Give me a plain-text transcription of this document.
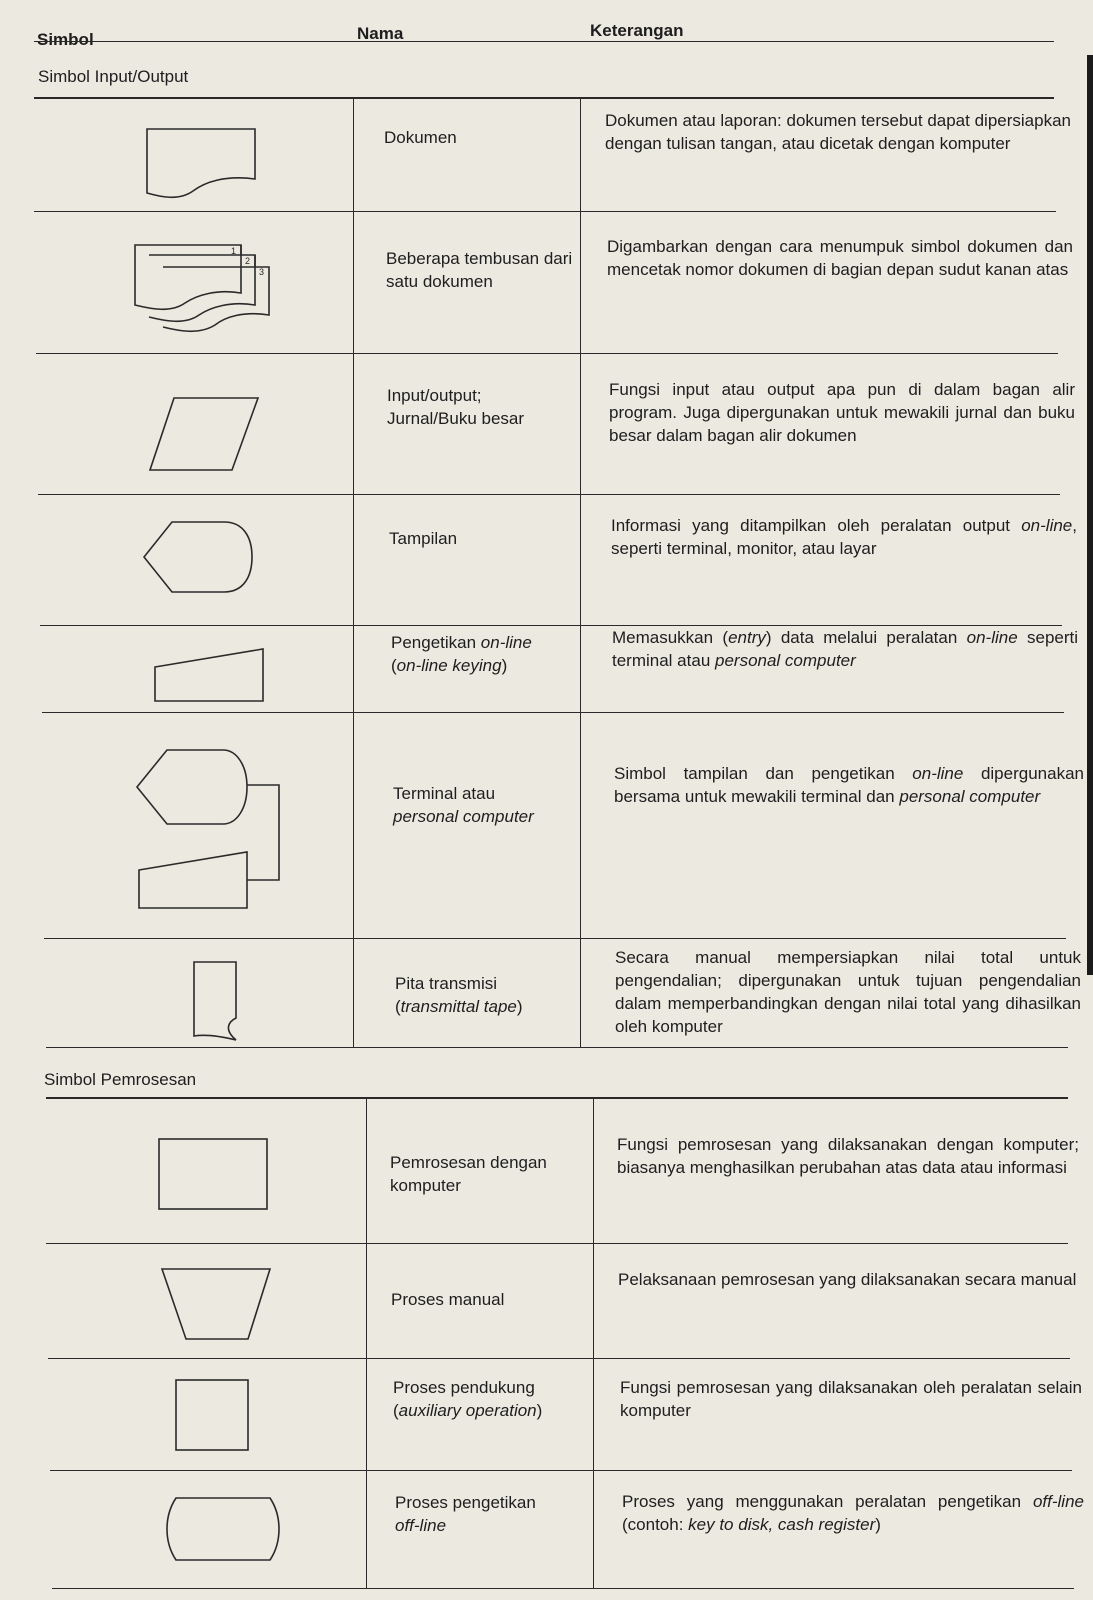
Simbol	Nama	Keterangan
Simbol Input/Output
Simbol Pemrosesan
Dokumen
Dokumen atau laporan: dokumen tersebut dapat dipersiapkan dengan tulisan tangan, atau dicetak dengan komputer
1
2
3
Beberapa tembusan dari satu dokumen
Digambarkan dengan cara menumpuk simbol dokumen dan mencetak nomor dokumen di bagian depan sudut kanan atas
Input/output;
Jurnal/Buku besar
Fungsi input atau output apa pun di dalam bagan alir program. Juga dipergunakan untuk mewakili jurnal dan buku besar dalam bagan alir dokumen
Tampilan
Informasi yang ditampilkan oleh peralatan output on-line, seperti terminal, monitor, atau layar
Pengetikan on-line
(on-line keying)
Memasukkan (entry) data melalui peralatan on-line seperti terminal atau personal computer
Terminal atau
personal computer
Simbol tampilan dan pengetikan on-line dipergunakan bersama untuk mewakili terminal dan personal computer
Pita transmisi
(transmittal tape)
Secara manual mempersiapkan nilai total untuk pengendalian; dipergunakan untuk tujuan pengendalian dalam memperbandingkan dengan nilai total yang dihasilkan oleh komputer
Pemrosesan dengan komputer
Fungsi pemrosesan yang dilaksanakan dengan komputer; biasanya menghasilkan perubahan atas data atau informasi
Proses manual
Pelaksanaan pemrosesan yang dilaksanakan secara manual
Proses pendukung
(auxiliary operation)
Fungsi pemrosesan yang dilaksanakan oleh peralatan selain komputer
Proses pengetikan
off-line
Proses yang menggunakan peralatan pengetikan off-line (contoh: key to disk, cash register)
